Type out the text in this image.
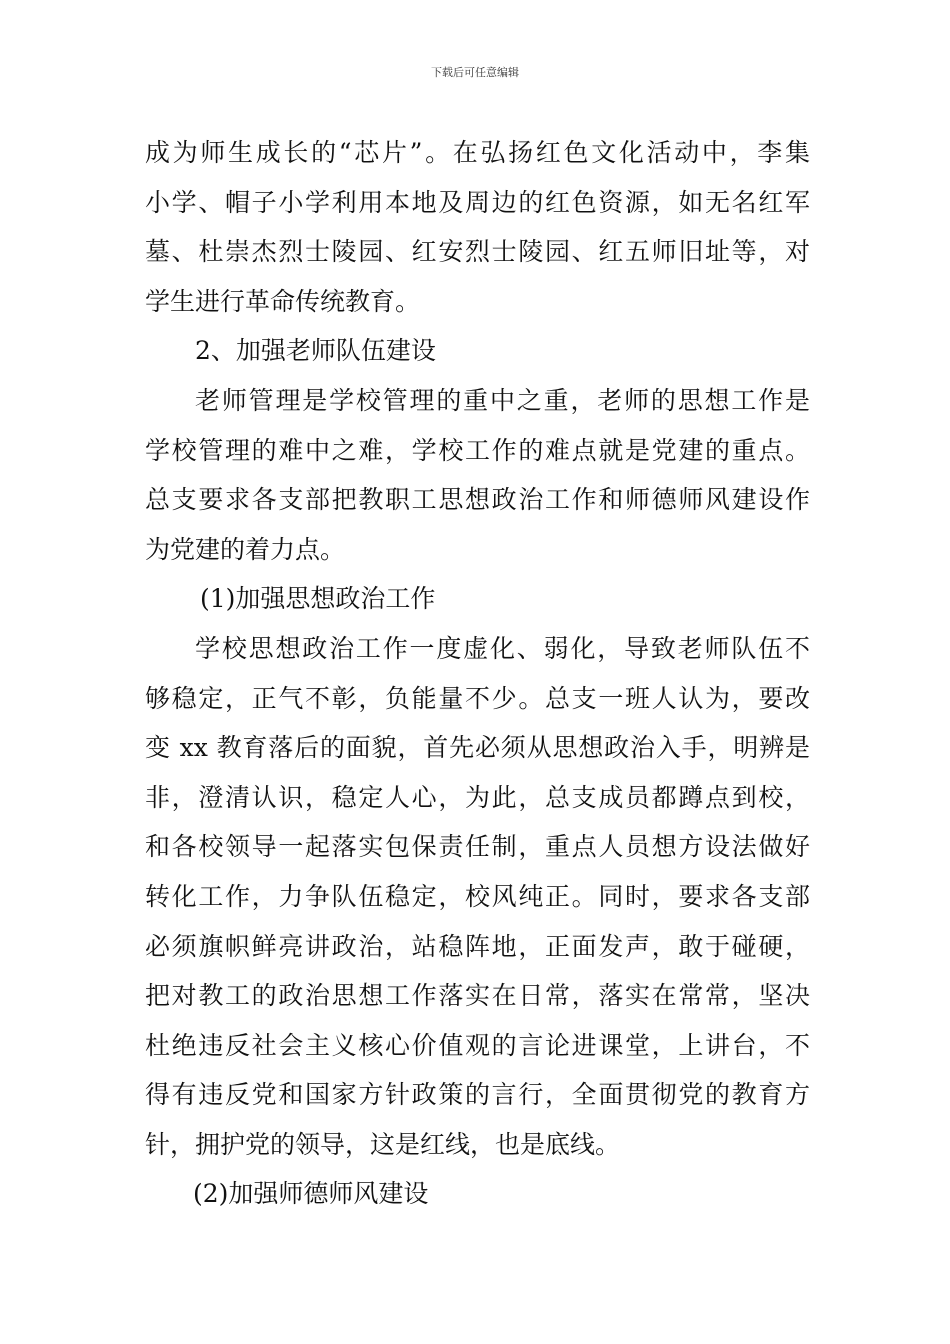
下载后可任意编辑
成为师生成长的“芯片”。在弘扬红色文化活动中，李集
小学、帽子小学利用本地及周边的红色资源，如无名红军
墓、杜崇杰烈士陵园、红安烈士陵园、红五师旧址等，对
学生进行革命传统教育。
2、加强老师队伍建设
老师管理是学校管理的重中之重，老师的思想工作是
学校管理的难中之难，学校工作的难点就是党建的重点。
总支要求各支部把教职工思想政治工作和师德师风建设作
为党建的着力点。
(1)加强思想政治工作
学校思想政治工作一度虚化、弱化，导致老师队伍不
够稳定，正气不彰，负能量不少。总支一班人认为，要改
变 xx 教育落后的面貌，首先必须从思想政治入手，明辨是
非，澄清认识，稳定人心，为此，总支成员都蹲点到校，
和各校领导一起落实包保责任制，重点人员想方设法做好
转化工作，力争队伍稳定，校风纯正。同时，要求各支部
必须旗帜鲜亮讲政治，站稳阵地，正面发声，敢于碰硬，
把对教工的政治思想工作落实在日常，落实在常常，坚决
杜绝违反社会主义核心价值观的言论进课堂，上讲台，不
得有违反党和国家方针政策的言行，全面贯彻党的教育方
针，拥护党的领导，这是红线，也是底线。
(2)加强师德师风建设
